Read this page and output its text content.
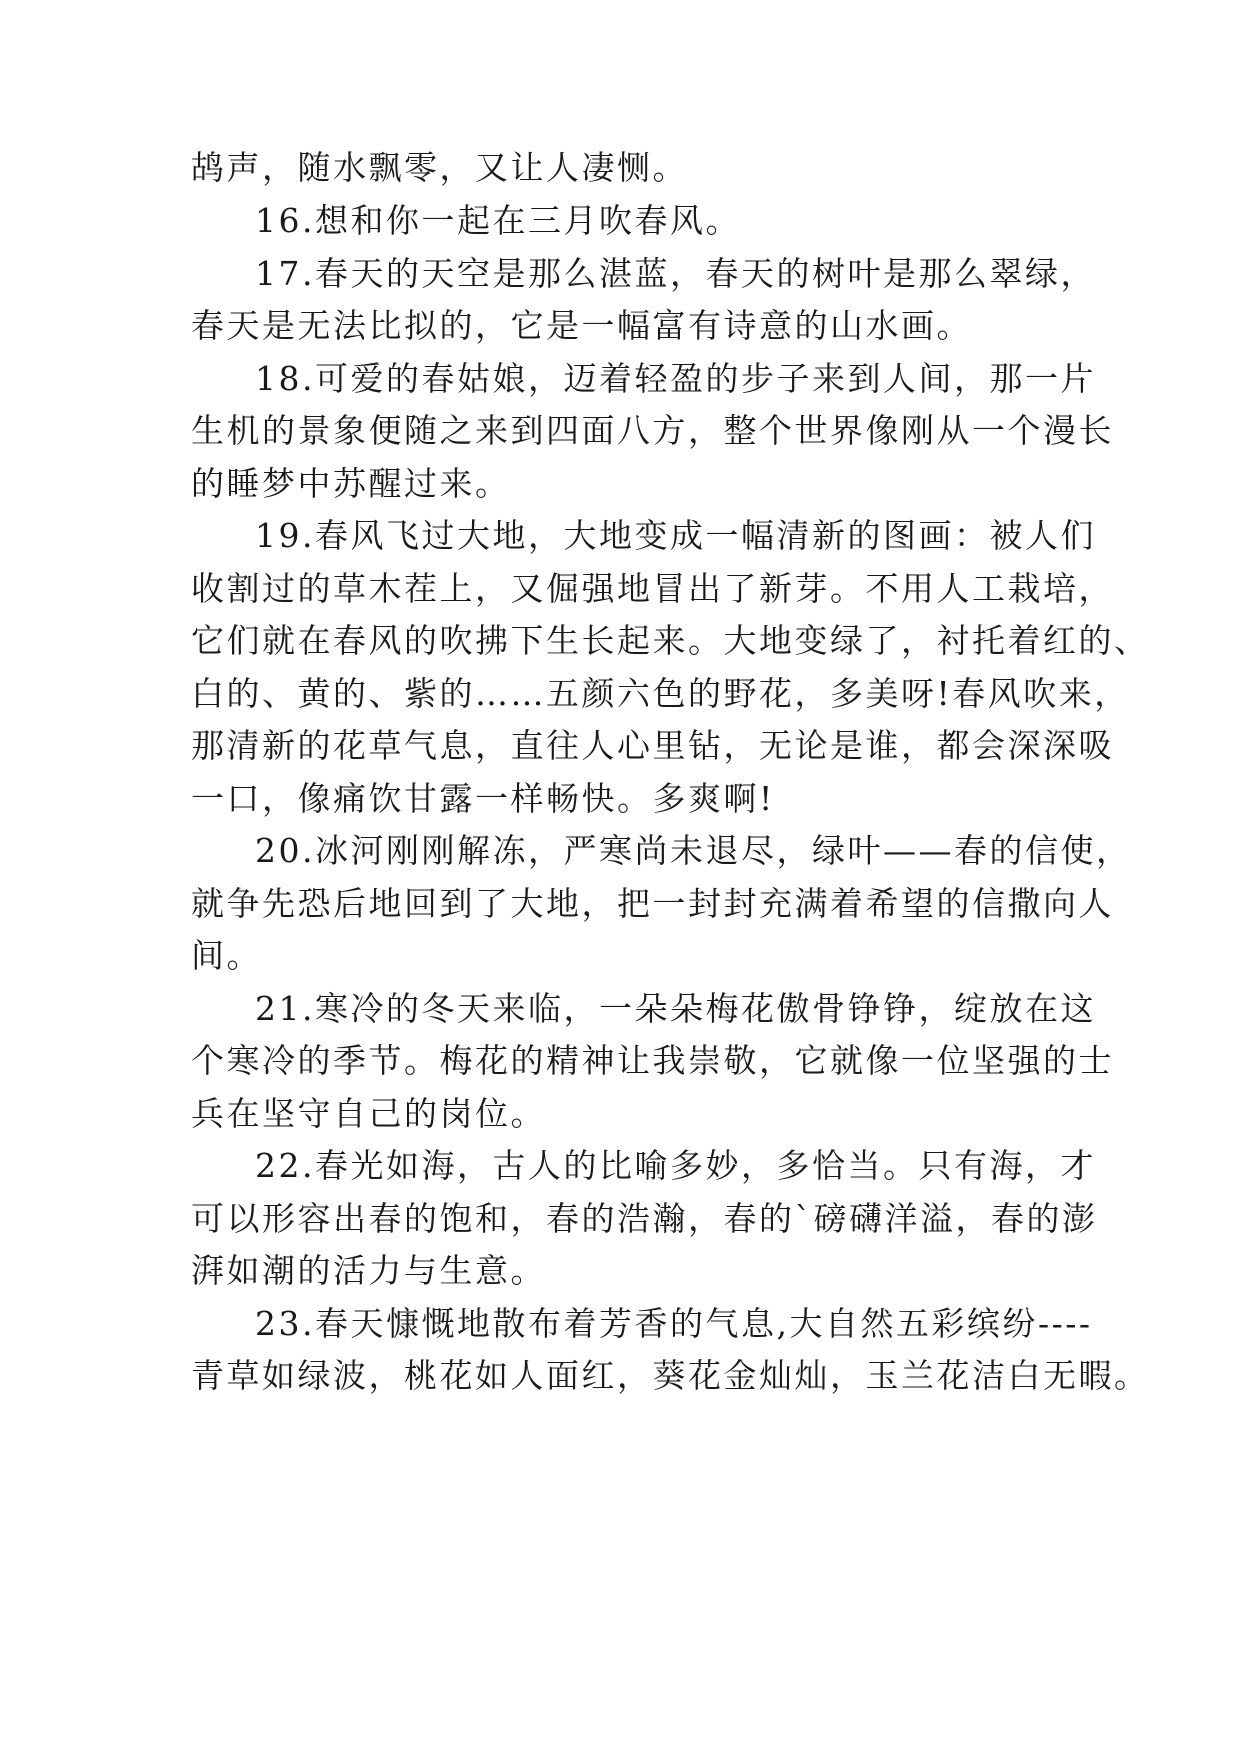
鸪声，随水飘零，又让人凄恻。
16.想和你一起在三月吹春风。
17.春天的天空是那么湛蓝，春天的树叶是那么翠绿，
春天是无法比拟的，它是一幅富有诗意的山水画。
18.可爱的春姑娘，迈着轻盈的步子来到人间，那一片
生机的景象便随之来到四面八方，整个世界像刚从一个漫长
的睡梦中苏醒过来。
19.春风飞过大地，大地变成一幅清新的图画：被人们
收割过的草木茬上，又倔强地冒出了新芽。不用人工栽培，
它们就在春风的吹拂下生长起来。大地变绿了，衬托着红的、
白的、黄的、紫的……五颜六色的野花，多美呀!春风吹来，
那清新的花草气息，直往人心里钻，无论是谁，都会深深吸
一口，像痛饮甘露一样畅快。多爽啊!
20.冰河刚刚解冻，严寒尚未退尽，绿叶——春的信使，
就争先恐后地回到了大地，把一封封充满着希望的信撒向人
间。
21.寒冷的冬天来临，一朵朵梅花傲骨铮铮，绽放在这
个寒冷的季节。梅花的精神让我崇敬，它就像一位坚强的士
兵在坚守自己的岗位。
22.春光如海，古人的比喻多妙，多恰当。只有海，才
可以形容出春的饱和，春的浩瀚，春的`磅礴洋溢，春的澎
湃如潮的活力与生意。
23.春天慷慨地散布着芳香的气息,大自然五彩缤纷----
青草如绿波，桃花如人面红，葵花金灿灿，玉兰花洁白无暇。
